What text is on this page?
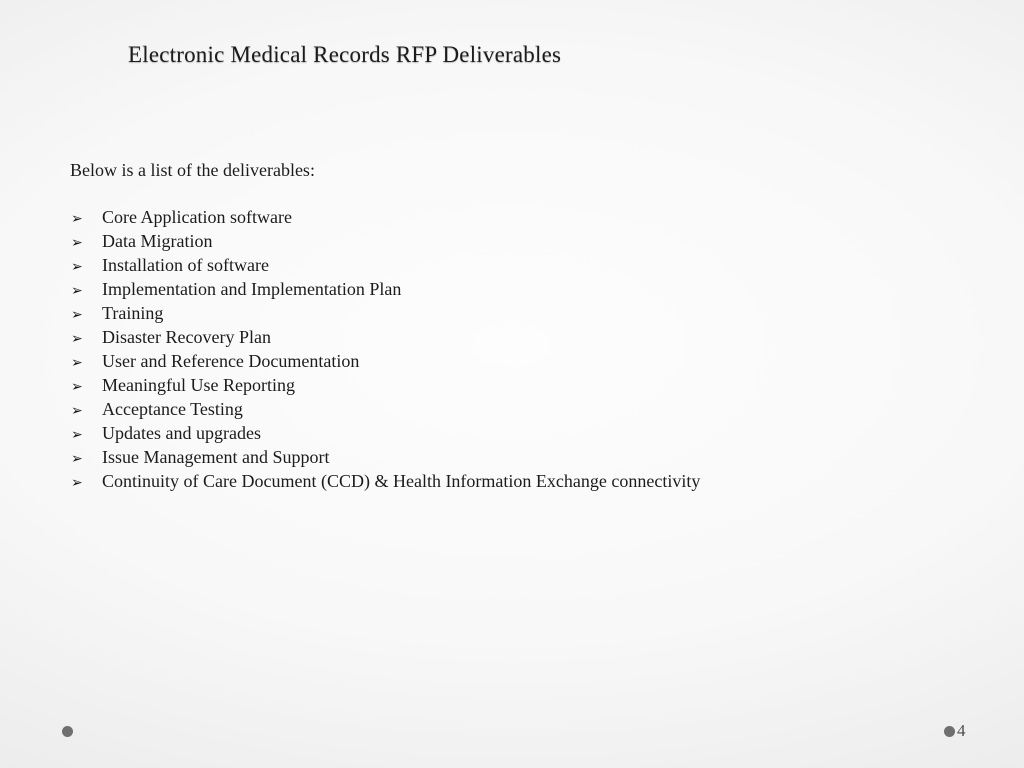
Electronic Medical Records RFP Deliverables

Below is a list of the deliverables:

➢	Core Application software
➢	Data Migration
➢	Installation of software
➢	Implementation and Implementation Plan
➢	Training
➢	Disaster Recovery Plan
➢	User and Reference Documentation
➢	Meaningful Use Reporting
➢	Acceptance Testing
➢	Updates and upgrades
➢	Issue Management and Support
➢	Continuity of Care Document (CCD) & Health Information Exchange connectivity
4
